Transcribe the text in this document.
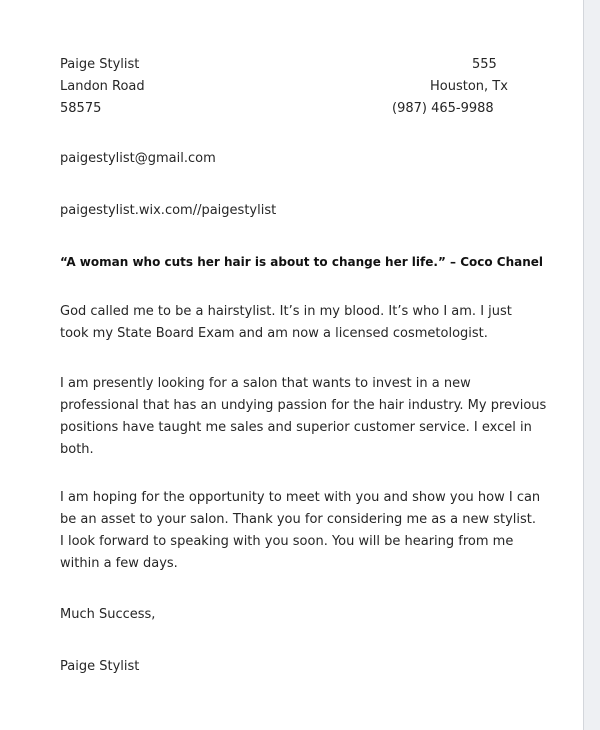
Paige Stylist
Landon Road
58575
555
Houston, Tx
(987) 465-9988
paigestylist@gmail.com
paigestylist.wix.com//paigestylist
“A woman who cuts her hair is about to change her life.” – Coco Chanel
God called me to be a hairstylist. It’s in my blood. It’s who I am. I just
took my State Board Exam and am now a licensed cosmetologist.
I am presently looking for a salon that wants to invest in a new
professional that has an undying passion for the hair industry. My previous
positions have taught me sales and superior customer service. I excel in
both.
I am hoping for the opportunity to meet with you and show you how I can
be an asset to your salon. Thank you for considering me as a new stylist.
I look forward to speaking with you soon. You will be hearing from me
within a few days.
Much Success,
Paige Stylist
